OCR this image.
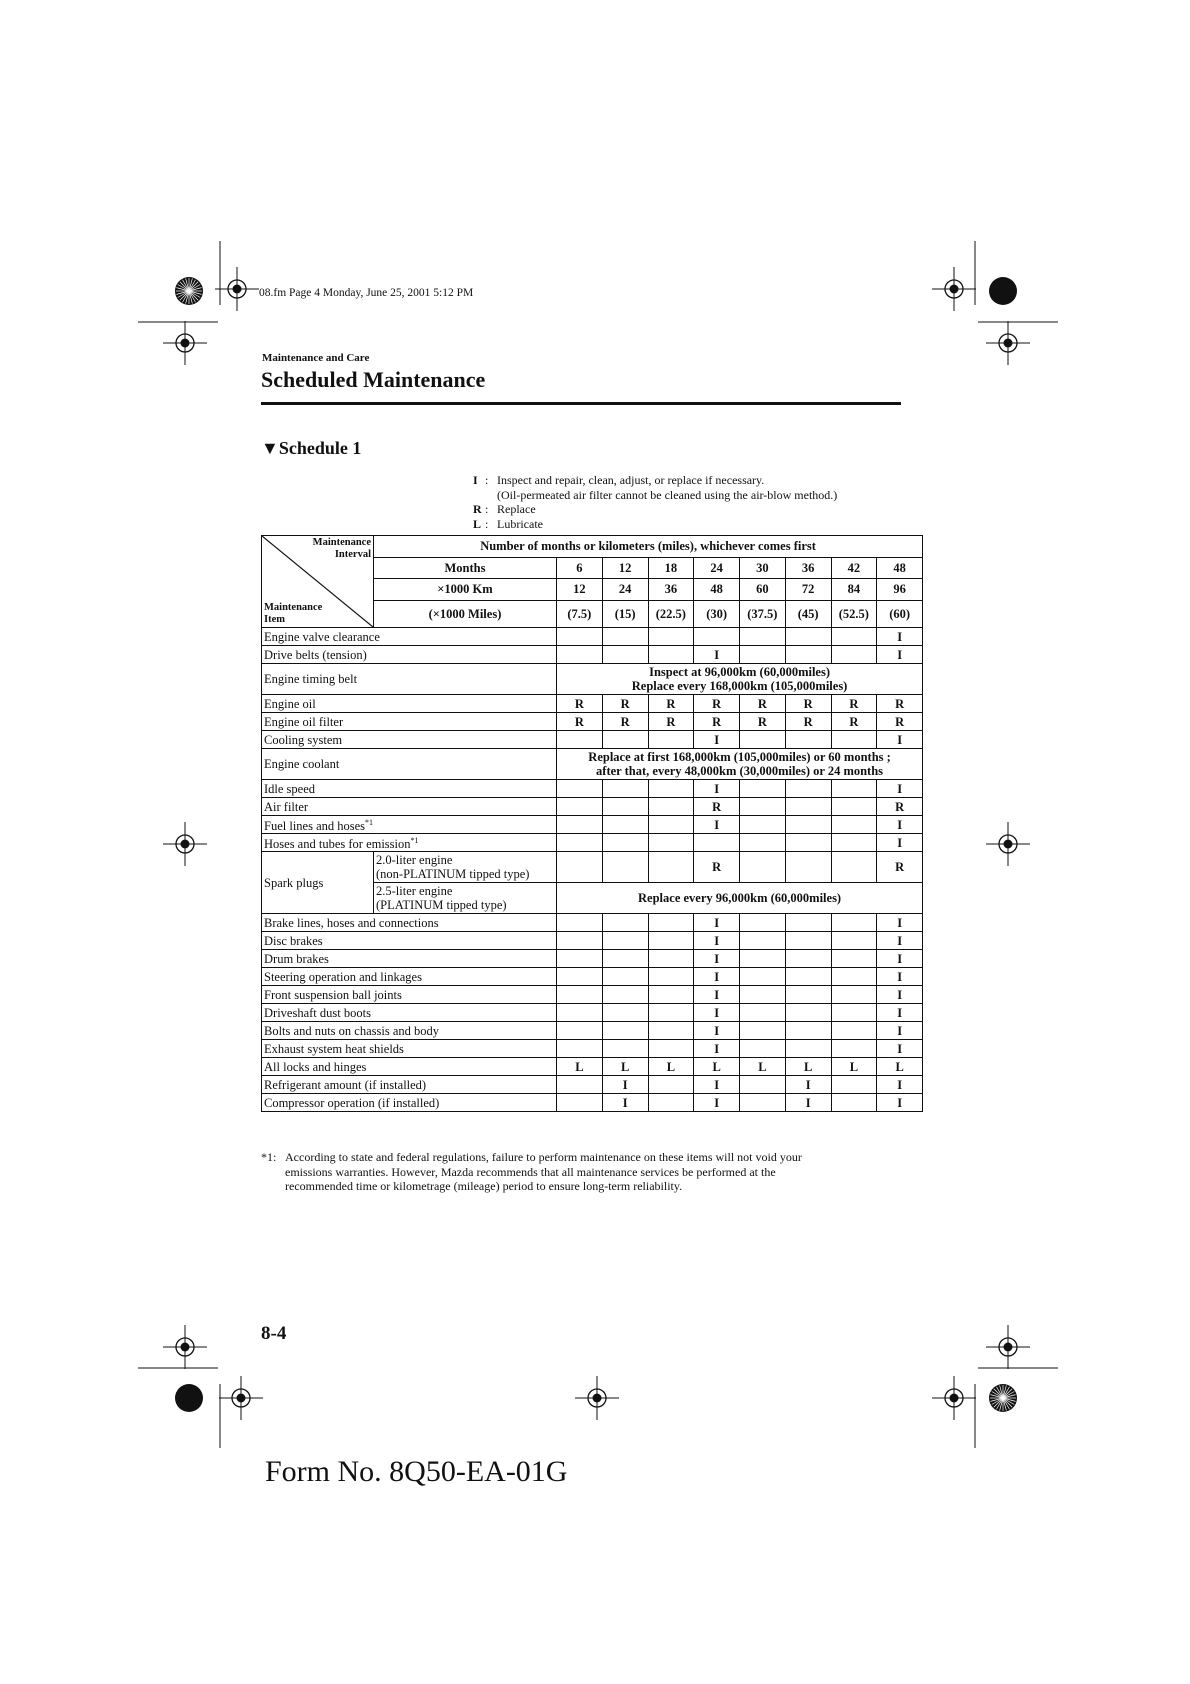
08.fm Page 4 Monday, June 25, 2001 5:12 PM
Maintenance and Care
Scheduled Maintenance
▼Schedule 1
I : Inspect and repair, clean, adjust, or replace if necessary.
(Oil-permeated air filter cannot be cleaned using the air-blow method.)
R : Replace
L : Lubricate
Maintenance
Interval
Maintenance
Item	Number of months or kilometers (miles), whichever comes first								
	Months	6	12	18	24	30	36	42	48
	×1000 Km	12	24	36	48	60	72	84	96
	(×1000 Miles)	(7.5)	(15)	(22.5)	(30)	(37.5)	(45)	(52.5)	(60)
Engine valve clearance									I
Drive belts (tension)					I				I
Engine timing belt		Inspect at 96,000km (60,000miles)
Replace every 168,000km (105,000miles)							

Engine oil		R	R	R	R	R	R	R	R
Engine oil filter		R	R	R	R	R	R	R	R
Cooling system					I				I
Engine coolant		Replace at first 168,000km (105,000miles) or 60 months ;
after that, every 48,000km (30,000miles) or 24 months							

Idle speed					I				I
Air filter					R				R
Fuel lines and hoses$^{*1}$					I				I
Hoses and tubes for emission$^{*1}$									I
Spark plugs	2.0-liter engine
(non-PLATINUM tipped type)				R				R

	2.5-liter engine
(PLATINUM tipped type)	Replace every 96,000km (60,000miles)							
Brake lines, hoses and connections					I				I
Disc brakes					I				I
Drum brakes					I				I
Steering operation and linkages					I				I
Front suspension ball joints					I				I
Driveshaft dust boots					I				I
Bolts and nuts on chassis and body					I				I
Exhaust system heat shields					I				I
All locks and hinges		L	L	L	L	L	L	L	L
Refrigerant amount (if installed)			I		I		I		I
Compressor operation (if installed)			I		I		I		I
*1: According to state and federal regulations, failure to perform maintenance on these items will not void your
emissions warranties. However, Mazda recommends that all maintenance services be performed at the
recommended time or kilometrage (mileage) period to ensure long-term reliability.
8-4
Form No. 8Q50-EA-01G
